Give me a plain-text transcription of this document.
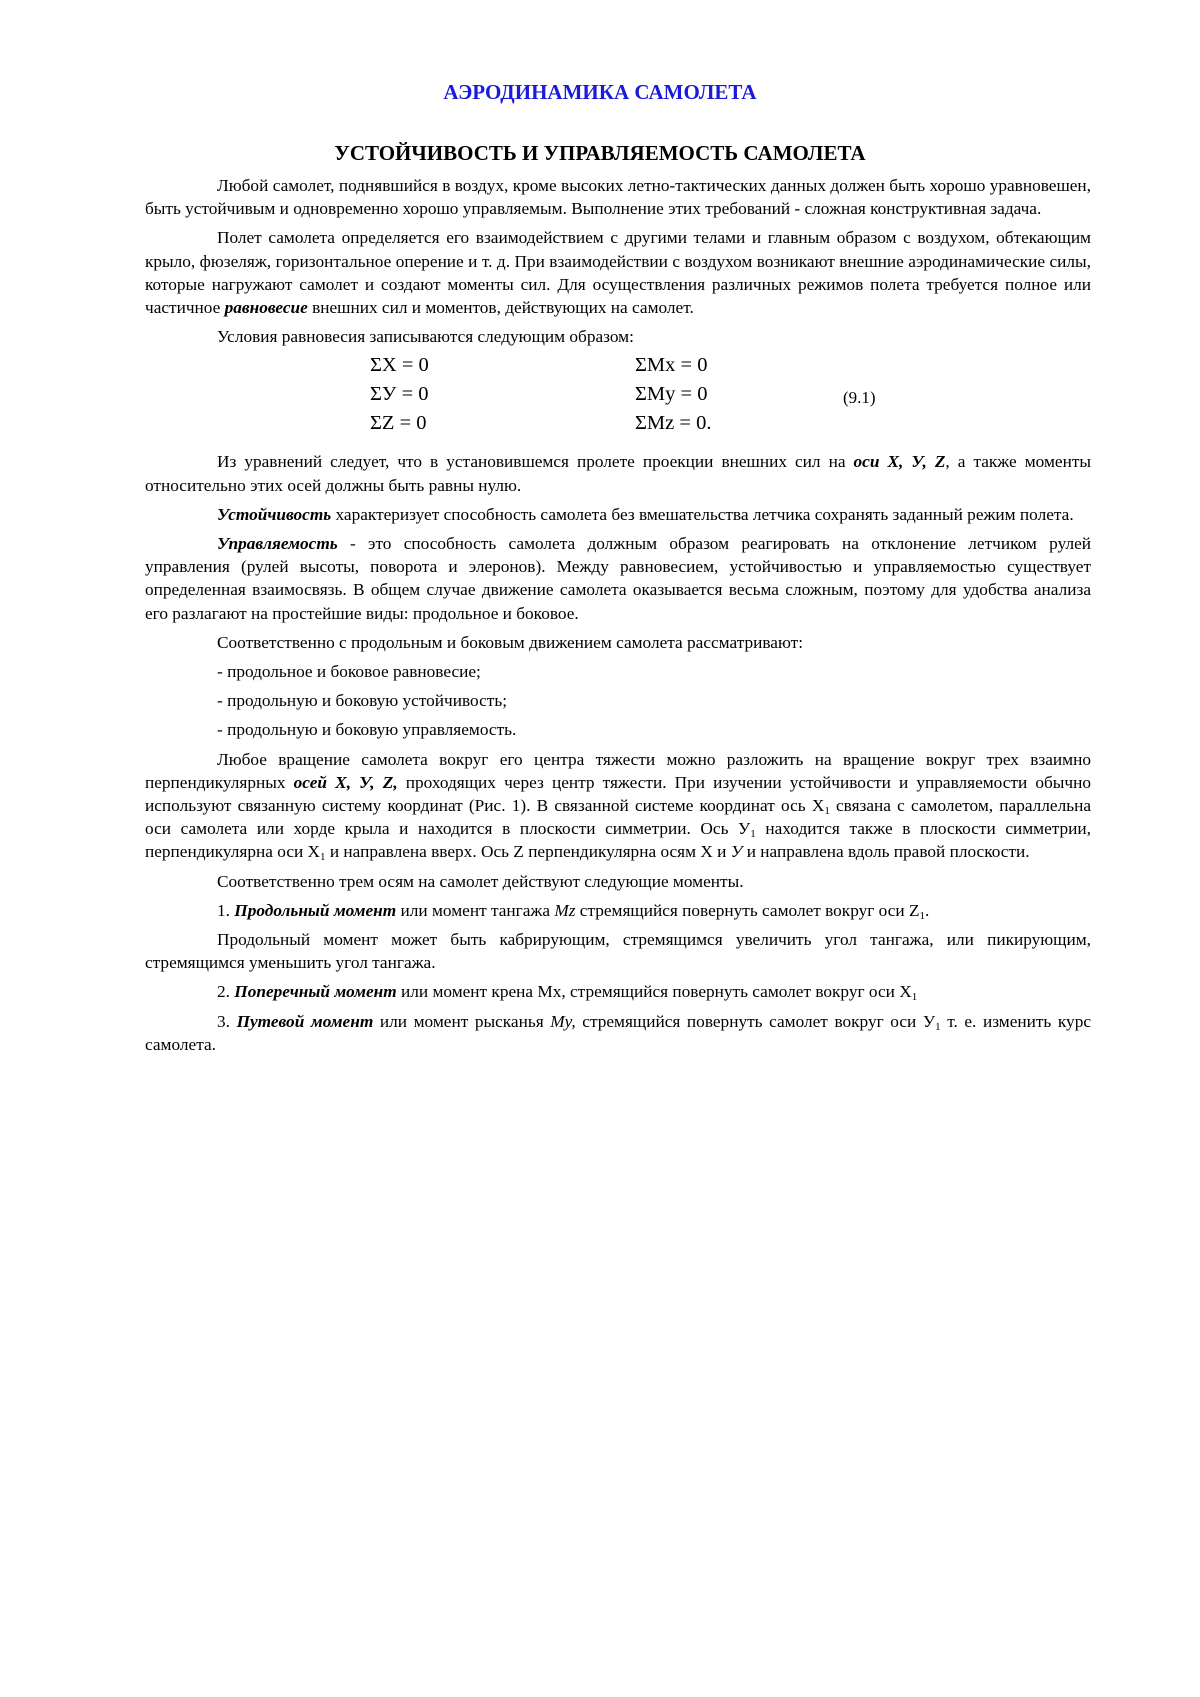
АЭРОДИНАМИКА САМОЛЕТА
УСТОЙЧИВОСТЬ И УПРАВЛЯЕМОСТЬ САМОЛЕТА

Любой самолет, поднявшийся в воздух, кроме высоких летно-тактических данных должен быть хорошо уравновешен, быть устойчивым и одновременно хорошо управляемым. Выполнение этих требований - сложная конструктивная задача.

Полет самолета определяется его взаимодействием с другими телами и главным образом с воздухом, обтекающим крыло, фюзеляж, горизонтальное оперение и т. д. При взаимодействии с воздухом возникают внешние аэродинамические силы, которые нагружают самолет и создают моменты сил. Для осуществления различных режимов полета требуется полное или частичное равновесие внешних сил и моментов, действующих на самолет.

Условия равновесия записываются следующим образом:

ΣX = 0
ΣУ = 0
ΣZ = 0
ΣMx = 0
ΣMy = 0
ΣMz = 0.
(9.1)

Из уравнений следует, что в установившемся пролете проекции внешних сил на оси X, У, Z, а также моменты относительно этих осей должны быть равны нулю.

Устойчивость характеризует способность самолета без вмешательства летчика сохранять заданный режим полета.

Управляемость - это способность самолета должным образом реагировать на отклонение летчиком рулей управления (рулей высоты, поворота и элеронов). Между равновесием, устойчивостью и управляемостью существует определенная взаимосвязь. В общем случае движение самолета оказывается весьма сложным, поэтому для удобства анализа его разлагают на простейшие виды: продольное и боковое.

Соответственно с продольным и боковым движением самолета рассматривают:

- продольное и боковое равновесие;

- продольную и боковую устойчивость;

- продольную и боковую управляемость.

Любое вращение самолета вокруг его центра тяжести можно разложить на вращение вокруг трех взаимно перпендикулярных осей X, У, Z, проходящих через центр тяжести. При изучении устойчивости и управляемости обычно используют связанную систему координат (Рис. 1). В связанной системе координат ось $X_1$ связана с самолетом, параллельна оси самолета или хорде крыла и находится в плоскости симметрии. Ось $У_1$ находится также в плоскости симметрии, перпендикулярна оси $X_1$ и направлена вверх. Ось Z перпендикулярна осям X и У и направлена вдоль правой плоскости.

Соответственно трем осям на самолет действуют следующие моменты.

1. Продольный момент или момент тангажа Mz стремящийся повернуть самолет вокруг оси $Z_1$.

Продольный момент может быть кабрирующим, стремящимся увеличить угол тангажа, или пикирующим, стремящимся уменьшить угол тангажа.

2. Поперечный момент или момент крена Mx, стремящийся повернуть самолет вокруг оси $X_1$

3. Путевой момент или момент рысканья My, стремящийся повернуть самолет вокруг оси $У_1$ т. е. изменить курс самолета.
